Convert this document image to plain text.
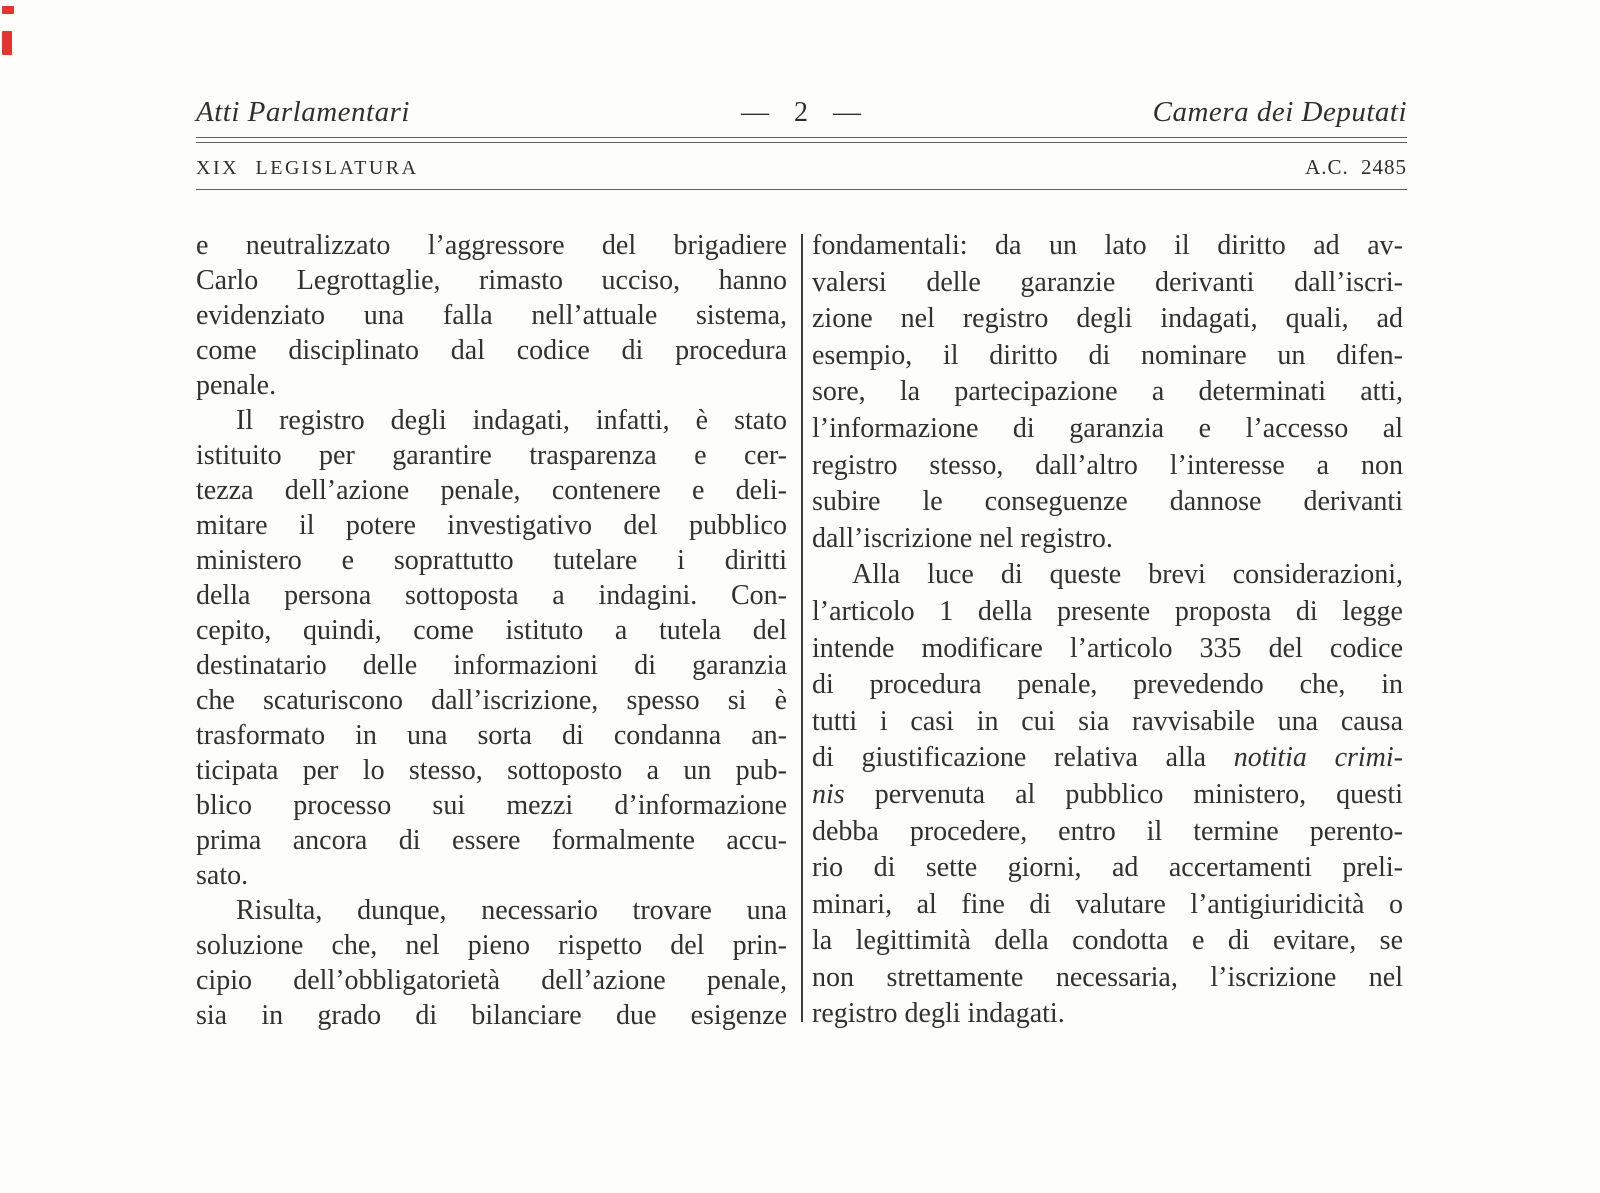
Atti Parlamentari	— 2 —	Camera dei Deputati
XIX LEGISLATURA	A.C. 2485
e neutralizzato l’aggressore del brigadiere
Carlo Legrottaglie, rimasto ucciso, hanno
evidenziato una falla nell’attuale sistema,
come disciplinato dal codice di procedura
penale.
Il registro degli indagati, infatti, è stato
istituito per garantire trasparenza e cer-
tezza dell’azione penale, contenere e deli-
mitare il potere investigativo del pubblico
ministero e soprattutto tutelare i diritti
della persona sottoposta a indagini. Con-
cepito, quindi, come istituto a tutela del
destinatario delle informazioni di garanzia
che scaturiscono dall’iscrizione, spesso si è
trasformato in una sorta di condanna an-
ticipata per lo stesso, sottoposto a un pub-
blico processo sui mezzi d’informazione
prima ancora di essere formalmente accu-
sato.
Risulta, dunque, necessario trovare una
soluzione che, nel pieno rispetto del prin-
cipio dell’obbligatorietà dell’azione penale,
sia in grado di bilanciare due esigenze
fondamentali: da un lato il diritto ad av-
valersi delle garanzie derivanti dall’iscri-
zione nel registro degli indagati, quali, ad
esempio, il diritto di nominare un difen-
sore, la partecipazione a determinati atti,
l’informazione di garanzia e l’accesso al
registro stesso, dall’altro l’interesse a non
subire le conseguenze dannose derivanti
dall’iscrizione nel registro.
Alla luce di queste brevi considerazioni,
l’articolo 1 della presente proposta di legge
intende modificare l’articolo 335 del codice
di procedura penale, prevedendo che, in
tutti i casi in cui sia ravvisabile una causa
di giustificazione relativa alla notitia crimi-
nis pervenuta al pubblico ministero, questi
debba procedere, entro il termine perento-
rio di sette giorni, ad accertamenti preli-
minari, al fine di valutare l’antigiuridicità o
la legittimità della condotta e di evitare, se
non strettamente necessaria, l’iscrizione nel
registro degli indagati.
